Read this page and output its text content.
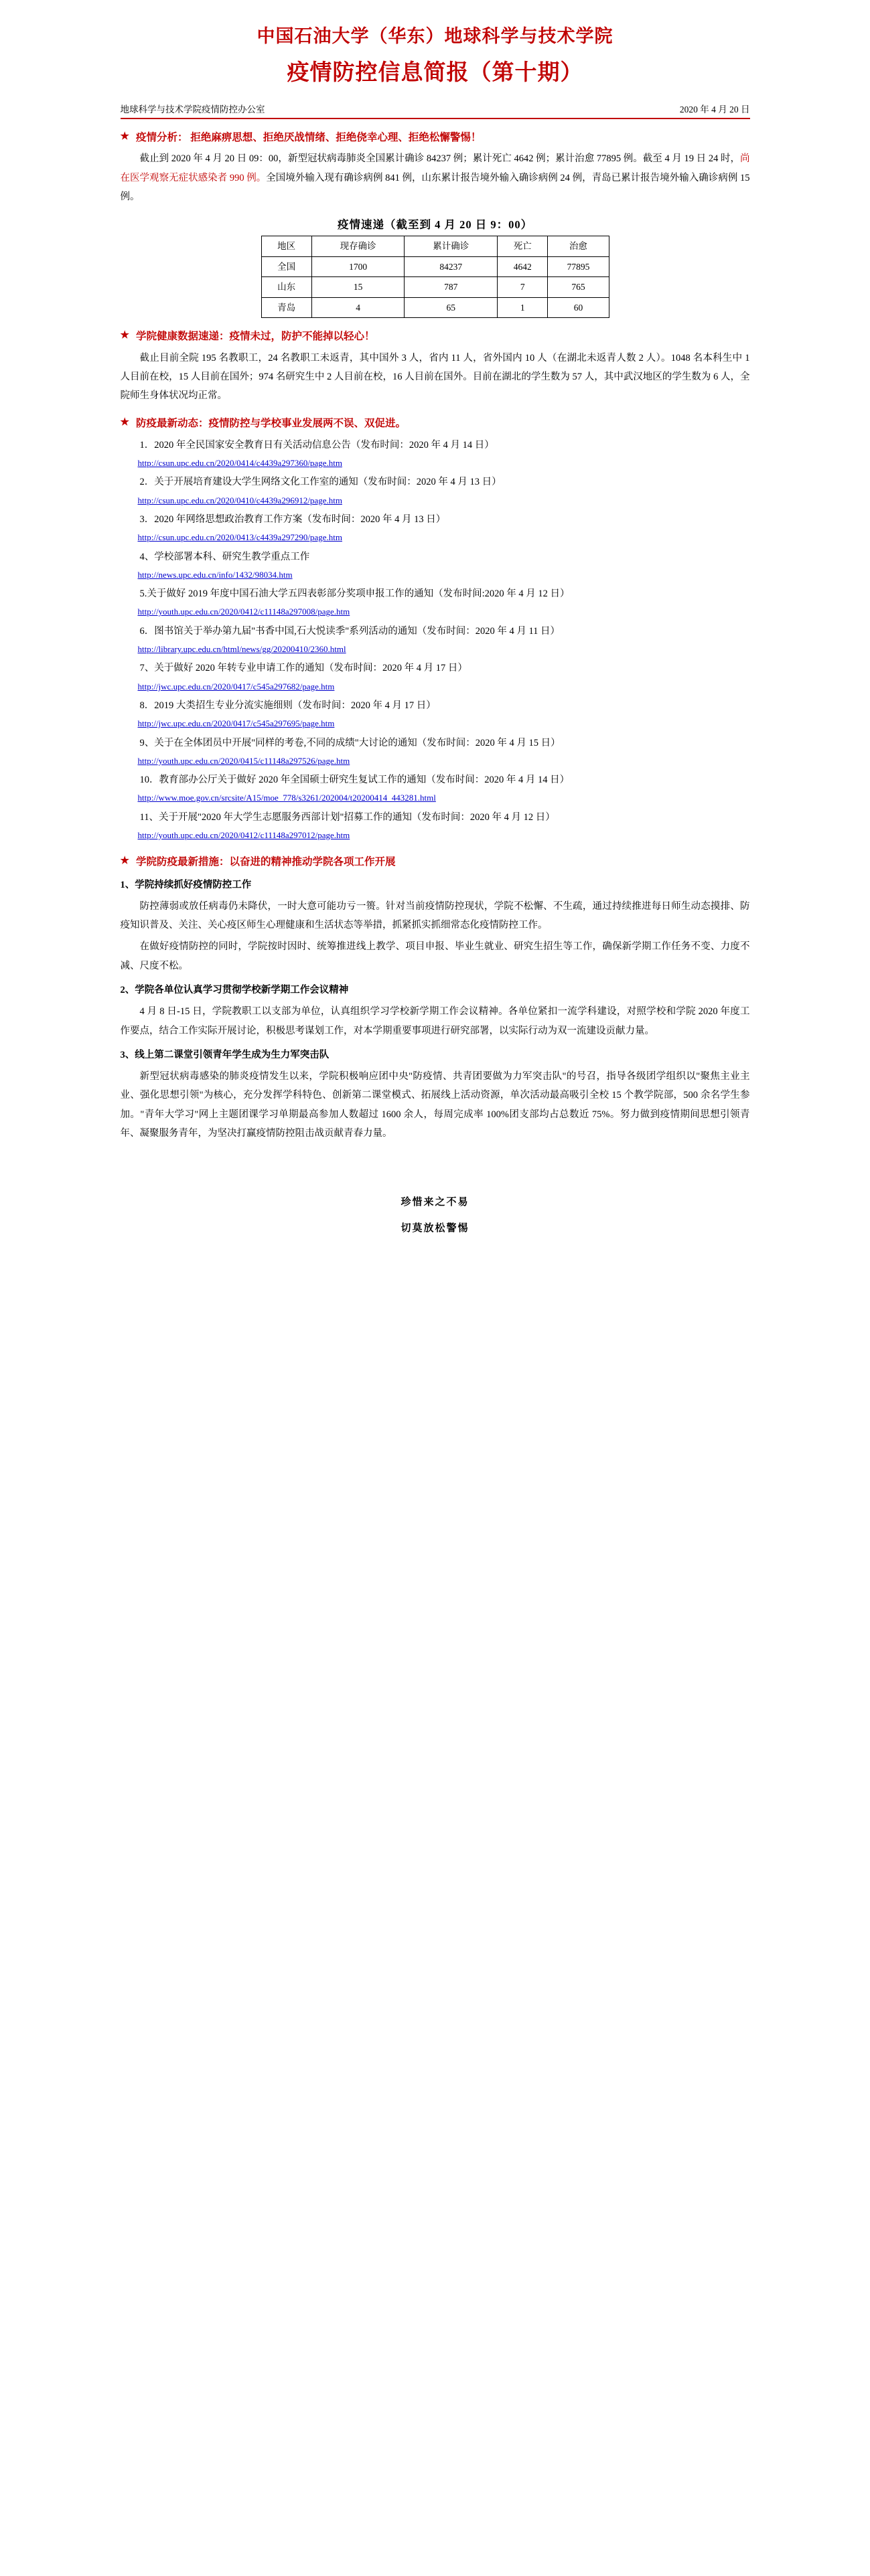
中国石油大学（华东）地球科学与技术学院
疫情防控信息简报（第十期）
地球科学与技术学院疫情防控办公室	2020 年 4 月 20 日
★ 疫情分析： 拒绝麻痹思想、拒绝厌战情绪、拒绝侥幸心理、拒绝松懈警惕！

截止到 2020 年 4 月 20 日 09：00，新型冠状病毒肺炎全国累计确诊 84237 例；累计死亡 4642 例；累计治愈 77895 例。截至 4 月 19 日 24 时，尚在医学观察无症状感染者 990 例。全国境外输入现有确诊病例 841 例，山东累计报告境外输入确诊病例 24 例，青岛已累计报告境外输入确诊病例 15 例。

疫情速递（截至到 4 月 20 日 9：00）
地区	现存确诊	累计确诊	死亡	治愈
全国	1700	84237	4642	77895
山东	15	787	7	765
青岛	4	65	1	60
★ 学院健康数据速递：疫情未过，防护不能掉以轻心！

截止目前全院 195 名教职工，24 名教职工未返青，其中国外 3 人，省内 11 人，省外国内 10 人（在湖北未返青人数 2 人）。1048 名本科生中 1 人目前在校，15 人目前在国外；974 名研究生中 2 人目前在校，16 人目前在国外。目前在湖北的学生数为 57 人，其中武汉地区的学生数为 6 人，全院师生身体状况均正常。

★ 防疫最新动态：疫情防控与学校事业发展两不误、双促进。
1．2020 年全民国家安全教育日有关活动信息公告（发布时间：2020 年 4 月 14 日）
http://csun.upc.edu.cn/2020/0414/c4439a297360/page.htm
2．关于开展培育建设大学生网络文化工作室的通知（发布时间：2020 年 4 月 13 日）
http://csun.upc.edu.cn/2020/0410/c4439a296912/page.htm
3．2020 年网络思想政治教育工作方案（发布时间：2020 年 4 月 13 日）
http://csun.upc.edu.cn/2020/0413/c4439a297290/page.htm
4、学校部署本科、研究生教学重点工作
http://news.upc.edu.cn/info/1432/98034.htm
5.关于做好 2019 年度中国石油大学五四表彰部分奖项申报工作的通知（发布时间:2020 年 4 月 12 日）
http://youth.upc.edu.cn/2020/0412/c11148a297008/page.htm
6．图书馆关于举办第九届"书香中国,石大悦读季"系列活动的通知（发布时间：2020 年 4 月 11 日）
http://library.upc.edu.cn/html/news/gg/20200410/2360.html
7、关于做好 2020 年转专业申请工作的通知（发布时间：2020 年 4 月 17 日）
http://jwc.upc.edu.cn/2020/0417/c545a297682/page.htm
8．2019 大类招生专业分流实施细则（发布时间：2020 年 4 月 17 日）
http://jwc.upc.edu.cn/2020/0417/c545a297695/page.htm
9、关于在全体团员中开展"同样的考卷,不同的成绩"大讨论的通知（发布时间：2020 年 4 月 15 日）
http://youth.upc.edu.cn/2020/0415/c11148a297526/page.htm
10．教育部办公厅关于做好 2020 年全国硕士研究生复试工作的通知（发布时间：2020 年 4 月 14 日）
http://www.moe.gov.cn/srcsite/A15/moe_778/s3261/202004/t20200414_443281.html
11、关于开展"2020 年大学生志愿服务西部计划"招募工作的通知（发布时间：2020 年 4 月 12 日）
http://youth.upc.edu.cn/2020/0412/c11148a297012/page.htm
★ 学院防疫最新措施：以奋进的精神推动学院各项工作开展
1、学院持续抓好疫情防控工作

防控薄弱或放任病毒仍未降伏，一时大意可能功亏一篑。针对当前疫情防控现状，学院不松懈、不生疏，通过持续推进每日师生动态摸排、防疫知识普及、关注、关心疫区师生心理健康和生活状态等举措，抓紧抓实抓细常态化疫情防控工作。

在做好疫情防控的同时，学院按时因时、统筹推进线上教学、项目申报、毕业生就业、研究生招生等工作，确保新学期工作任务不变、力度不减、尺度不松。

2、学院各单位认真学习贯彻学校新学期工作会议精神

4 月 8 日-15 日，学院教职工以支部为单位，认真组织学习学校新学期工作会议精神。各单位紧扣一流学科建设，对照学校和学院 2020 年度工作要点，结合工作实际开展讨论，积极思考谋划工作，对本学期重要事项进行研究部署，以实际行动为双一流建设贡献力量。

3、线上第二课堂引领青年学生成为生力军突击队

新型冠状病毒感染的肺炎疫情发生以来，学院积极响应团中央"防疫情、共青团要做为力军突击队"的号召，指导各级团学组织以"聚焦主业主业、强化思想引领"为核心，充分发挥学科特色、创新第二课堂模式、拓展线上活动资源，单次活动最高吸引全校 15 个教学院部，500 余名学生参加。"青年大学习"网上主题团课学习单期最高参加人数超过 1600 余人，每周完成率 100%团支部均占总数近 75%。努力做到疫情期间思想引领青年、凝聚服务青年，为坚决打赢疫情防控阻击战贡献青春力量。

珍惜来之不易
切莫放松警惕
